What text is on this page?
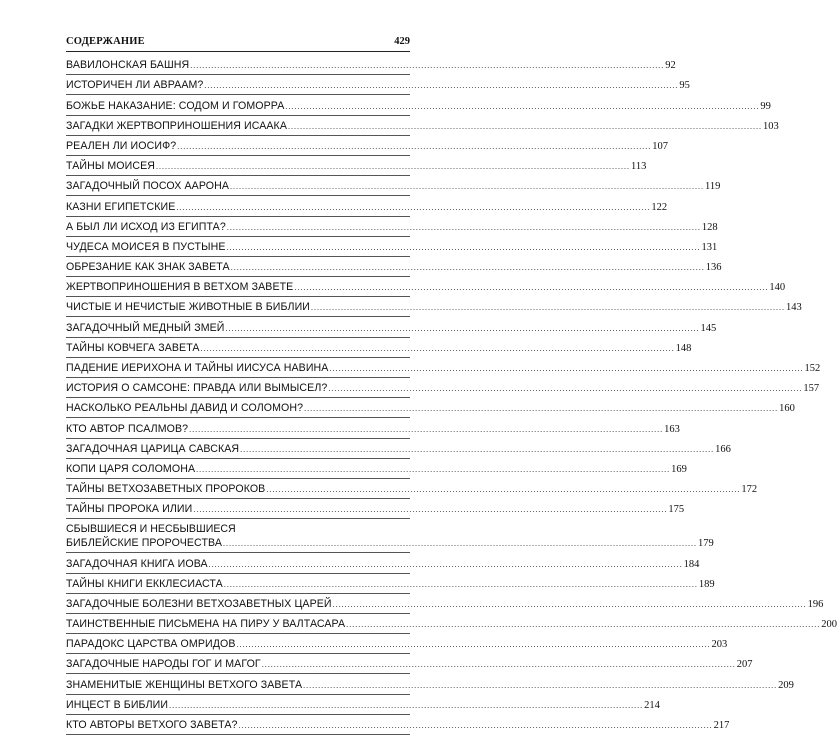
СОДЕРЖАНИЕ	429
ВАВИЛОНСКАЯ БАШНЯ .............................................................................................................................................................. 92
ИСТОРИЧЕН ЛИ АВРААМ? .............................................................................................................................................................. 95
БОЖЬЕ НАКАЗАНИЕ: СОДОМ И ГОМОРРА .............................................................................................................................................................. 99
ЗАГАДКИ ЖЕРТВОПРИНОШЕНИЯ ИСААКА .............................................................................................................................................................. 103
РЕАЛЕН ЛИ ИОСИФ? .............................................................................................................................................................. 107
ТАЙНЫ МОИСЕЯ .............................................................................................................................................................. 113
ЗАГАДОЧНЫЙ ПОСОХ ААРОНА .............................................................................................................................................................. 119
КАЗНИ ЕГИПЕТСКИЕ .............................................................................................................................................................. 122
А БЫЛ ЛИ ИСХОД ИЗ ЕГИПТА? .............................................................................................................................................................. 128
ЧУДЕСА МОИСЕЯ В ПУСТЫНЕ .............................................................................................................................................................. 131
ОБРЕЗАНИЕ КАК ЗНАК ЗАВЕТА .............................................................................................................................................................. 136
ЖЕРТВОПРИНОШЕНИЯ В ВЕТХОМ ЗАВЕТЕ .............................................................................................................................................................. 140
ЧИСТЫЕ И НЕЧИСТЫЕ ЖИВОТНЫЕ В БИБЛИИ .............................................................................................................................................................. 143
ЗАГАДОЧНЫЙ МЕДНЫЙ ЗМЕЙ .............................................................................................................................................................. 145
ТАЙНЫ КОВЧЕГА ЗАВЕТА .............................................................................................................................................................. 148
ПАДЕНИЕ ИЕРИХОНА И ТАЙНЫ ИИСУСА НАВИНА .............................................................................................................................................................. 152
ИСТОРИЯ О САМСОНЕ: ПРАВДА ИЛИ ВЫМЫСЕЛ? .............................................................................................................................................................. 157
НАСКОЛЬКО РЕАЛЬНЫ ДАВИД И СОЛОМОН? .............................................................................................................................................................. 160
КТО АВТОР ПСАЛМОВ? .............................................................................................................................................................. 163
ЗАГАДОЧНАЯ ЦАРИЦА САВСКАЯ .............................................................................................................................................................. 166
КОПИ ЦАРЯ СОЛОМОНА .............................................................................................................................................................. 169
ТАЙНЫ ВЕТХОЗАВЕТНЫХ ПРОРОКОВ .............................................................................................................................................................. 172
ТАЙНЫ ПРОРОКА ИЛИИ .............................................................................................................................................................. 175
СБЫВШИЕСЯ И НЕСБЫВШИЕСЯ
БИБЛЕЙСКИЕ ПРОРОЧЕСТВА .............................................................................................................................................................. 179
ЗАГАДОЧНАЯ КНИГА ИОВА .............................................................................................................................................................. 184
ТАЙНЫ КНИГИ ЕККЛЕСИАСТА .............................................................................................................................................................. 189
ЗАГАДОЧНЫЕ БОЛЕЗНИ ВЕТХОЗАВЕТНЫХ ЦАРЕЙ .............................................................................................................................................................. 196
ТАИНСТВЕННЫЕ ПИСЬМЕНА НА ПИРУ У ВАЛТАСАРА .............................................................................................................................................................. 200
ПАРАДОКС ЦАРСТВА ОМРИДОВ .............................................................................................................................................................. 203
ЗАГАДОЧНЫЕ НАРОДЫ ГОГ И МАГОГ .............................................................................................................................................................. 207
ЗНАМЕНИТЫЕ ЖЕНЩИНЫ ВЕТХОГО ЗАВЕТА .............................................................................................................................................................. 209
ИНЦЕСТ В БИБЛИИ .............................................................................................................................................................. 214
КТО АВТОРЫ ВЕТХОГО ЗАВЕТА? .............................................................................................................................................................. 217
